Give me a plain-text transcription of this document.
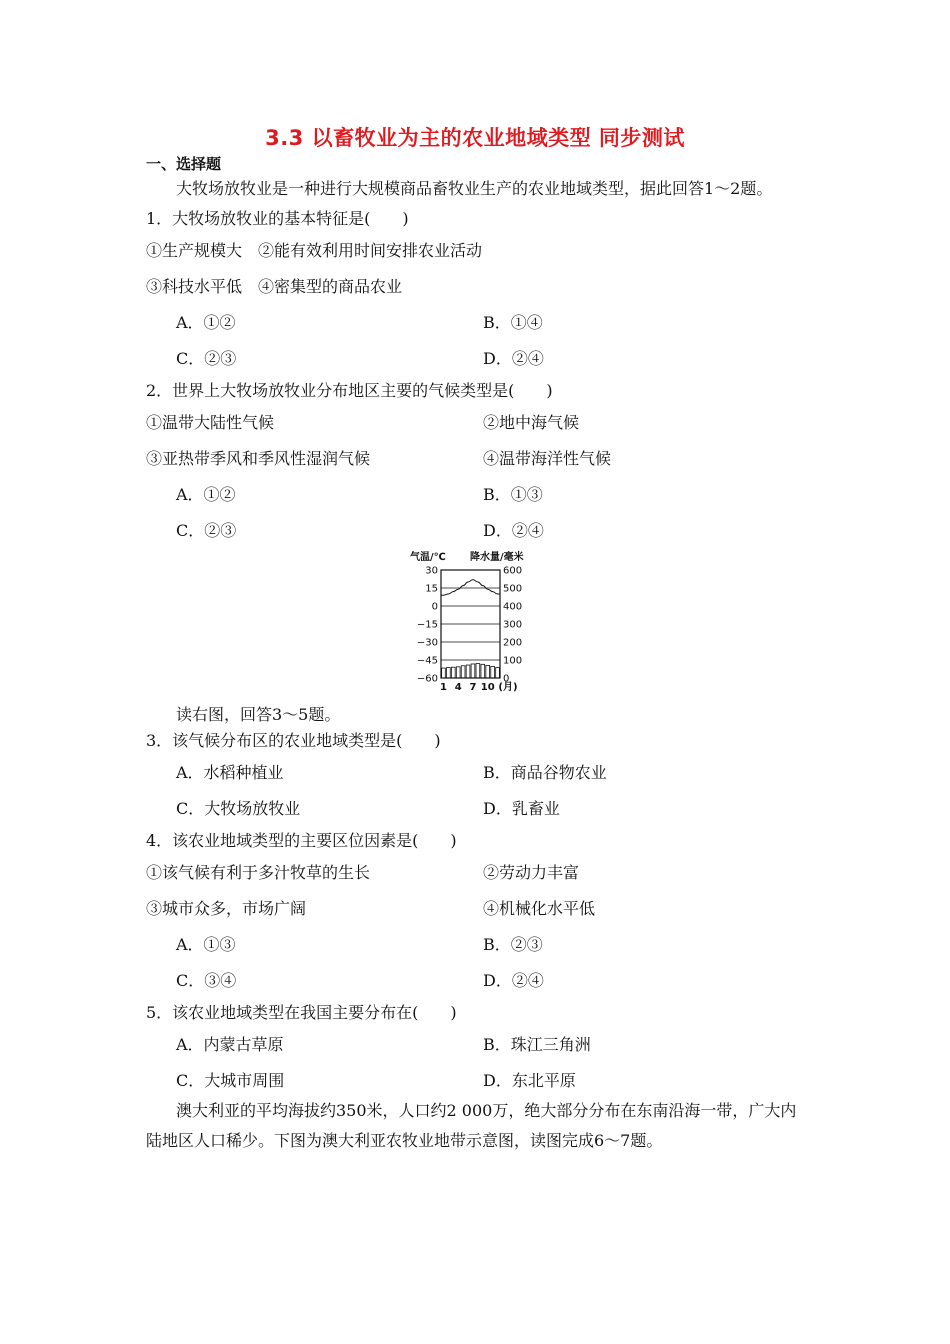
3.3 以畜牧业为主的农业地域类型 同步测试
一、选择题
大牧场放牧业是一种进行大规模商品畜牧业生产的农业地域类型，据此回答1～2题。
1．大牧场放牧业的基本特征是(　　)
①生产规模大　②能有效利用时间安排农业活动
③科技水平低　④密集型的商品农业
A．①②	B．①④
C．②③	D．②④
2．世界上大牧场放牧业分布地区主要的气候类型是(　　)
①温带大陆性气候	②地中海气候
③亚热带季风和季风性湿润气候	④温带海洋性气候
A．①②	B．①③
C．②③	D．②④
气温/℃ 降水量/毫米
30	600
15	500
0	400
−15	300
−30	200
−45	100
−60	0
1 4 7 10 (月)
读右图，回答3～5题。
3．该气候分布区的农业地域类型是(　　)
A．水稻种植业	B．商品谷物农业
C．大牧场放牧业	D．乳畜业
4．该农业地域类型的主要区位因素是(　　)
①该气候有利于多汁牧草的生长	②劳动力丰富
③城市众多，市场广阔	④机械化水平低
A．①③	B．②③
C．③④	D．②④
5．该农业地域类型在我国主要分布在(　　)
A．内蒙古草原	B．珠江三角洲
C．大城市周围	D．东北平原
澳大利亚的平均海拔约350米，人口约2 000万，绝大部分分布在东南沿海一带，广大内陆地区人口稀少。下图为澳大利亚农牧业地带示意图，读图完成6～7题。
